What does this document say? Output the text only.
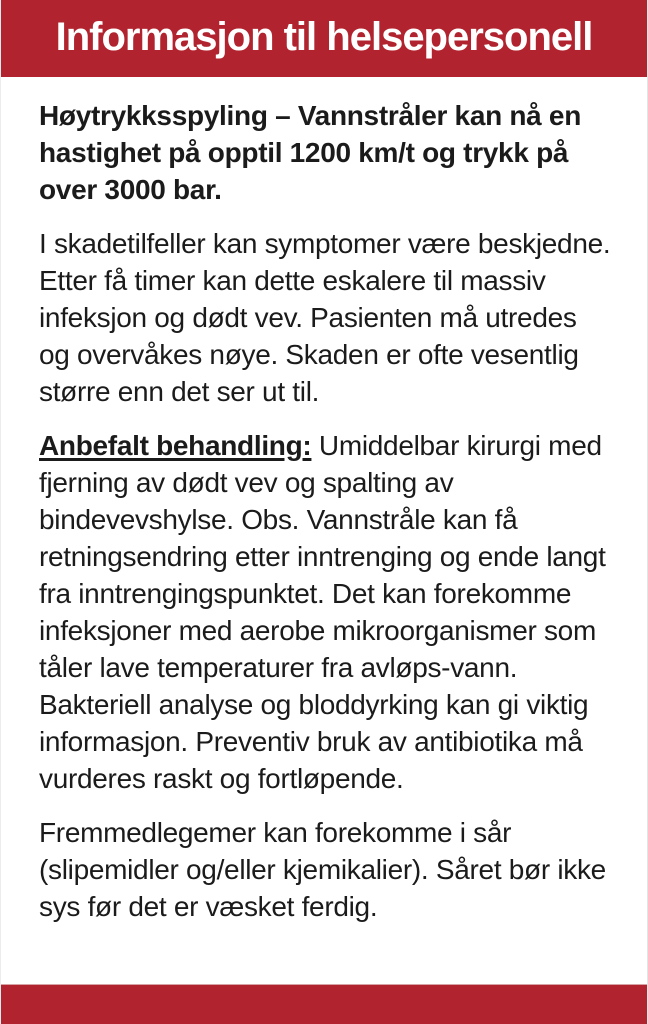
Informasjon til helsepersonell

Høytrykksspyling – Vannstråler kan nå en hastighet på opptil 1200 km/t og trykk på over 3000 bar.

I skadetilfeller kan symptomer være beskjedne. Etter få timer kan dette eskalere til massiv infeksjon og dødt vev. Pasienten må utredes og overvåkes nøye. Skaden er ofte vesentlig større enn det ser ut til.

Anbefalt behandling: Umiddelbar kirurgi med fjerning av dødt vev og spalting av bindevevshylse. Obs. Vannstråle kan få retningsendring etter inntrenging og ende langt fra inntrengingspunktet. Det kan forekomme infeksjoner med aerobe mikroorganismer som tåler lave temperaturer fra avløps-vann. Bakteriell analyse og bloddyrking kan gi viktig informasjon. Preventiv bruk av antibiotika må vurderes raskt og fortløpende.

Fremmedlegemer kan forekomme i sår (slipemidler og/eller kjemikalier). Såret bør ikke sys før det er væsket ferdig.
